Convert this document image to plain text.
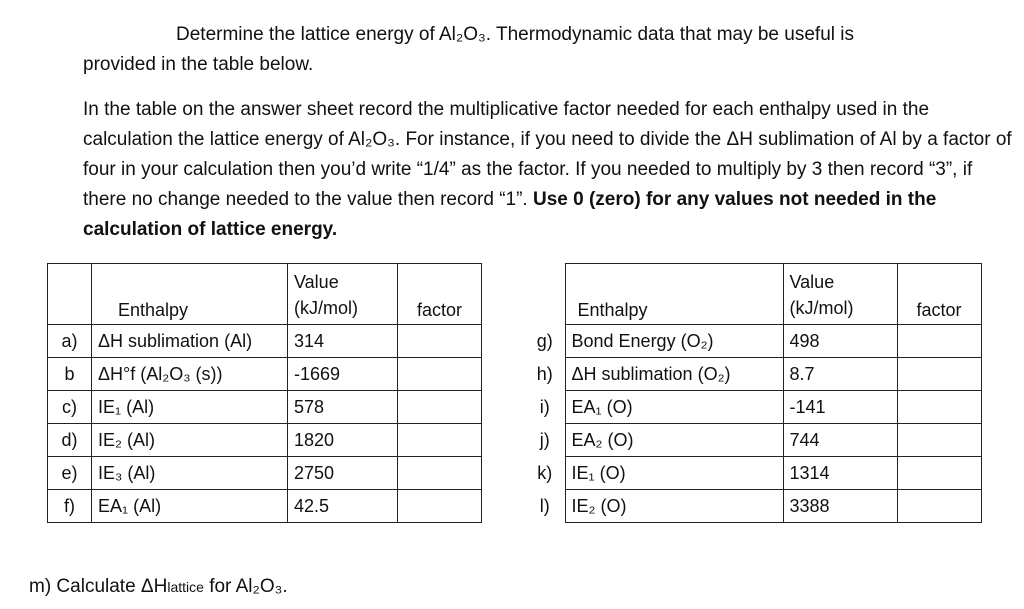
Determine the lattice energy of Al₂O₃. Thermodynamic data that may be useful is
provided in the table below.

In the table on the answer sheet record the multiplicative factor needed for each enthalpy used in the calculation the lattice energy of Al₂O₃. For instance, if you need to divide the ΔH sublimation of Al by a factor of four in your calculation then you’d write “1/4” as the factor. If you needed to multiply by 3 then record “3”, if there no change needed to the value then record “1”. Use 0 (zero) for any values not needed in the calculation of lattice energy.

	Enthalpy	Value
(kJ/mol)	factor
a)	ΔH sublimation (Al)	314	
b	ΔH°f (Al₂O₃ (s))	-1669	
c)	IE₁ (Al)	578	
d)	IE₂ (Al)	1820	
e)	IE₃ (Al)	2750	
f)	EA₁ (Al)	42.5	
	Enthalpy	Value
(kJ/mol)	factor
g)	Bond Energy (O₂)	498	
h)	ΔH sublimation (O₂)	8.7	
i)	EA₁ (O)	-141	
j)	EA₂ (O)	744	
k)	IE₁ (O)	1314	
l)	IE₂ (O)	3388	

m) Calculate ΔHlattice for Al₂O₃.
